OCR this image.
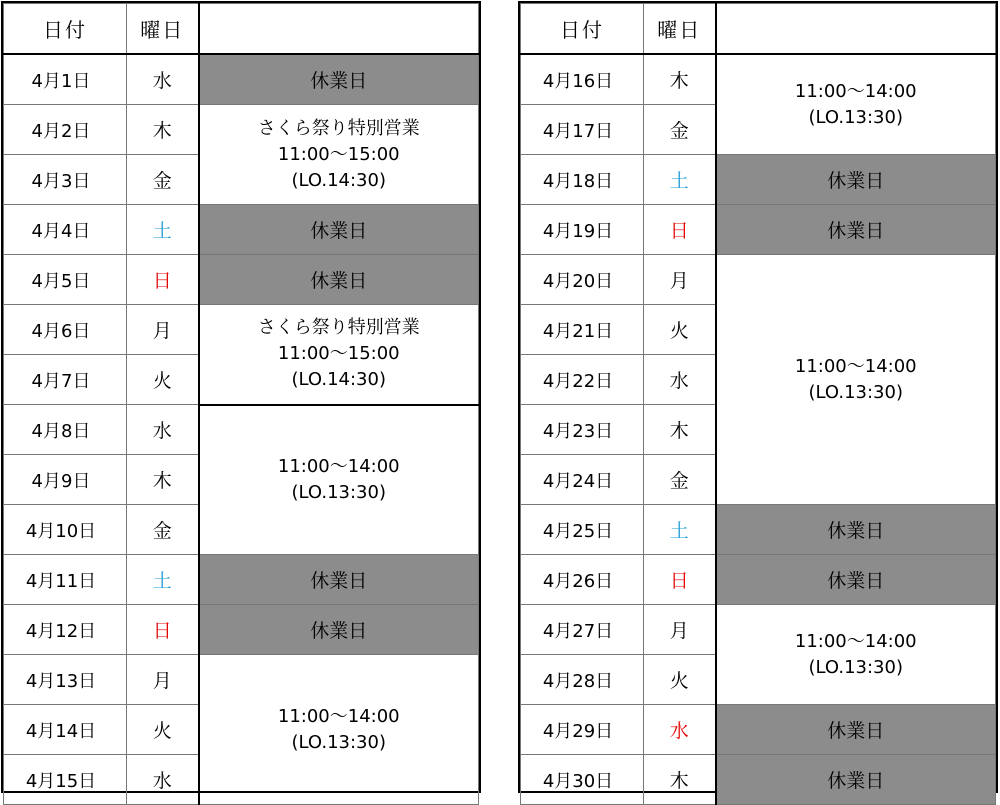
日付	曜日	
4月1日	水	休業日
4月2日	木	さくら祭り特別営業
11:00～15:00
(LO.14:30)
4月3日	金	
4月4日	土	休業日
4月5日	日	休業日
4月6日	月	さくら祭り特別営業
11:00～15:00
(LO.14:30)
4月7日	火	
4月8日	水	11:00～14:00
(LO.13:30)
4月9日	木	
4月10日	金	
4月11日	土	休業日
4月12日	日	休業日
4月13日	月	11:00～14:00
(LO.13:30)
4月14日	火	
4月15日	水	
日付	曜日	
4月16日	木	11:00～14:00
(LO.13:30)
4月17日	金	
4月18日	土	休業日
4月19日	日	休業日
4月20日	月	11:00～14:00
(LO.13:30)
4月21日	火	
4月22日	水	
4月23日	木	
4月24日	金	
4月25日	土	休業日
4月26日	日	休業日
4月27日	月	11:00～14:00
(LO.13:30)
4月28日	火	
4月29日	水	休業日
4月30日	木	休業日
